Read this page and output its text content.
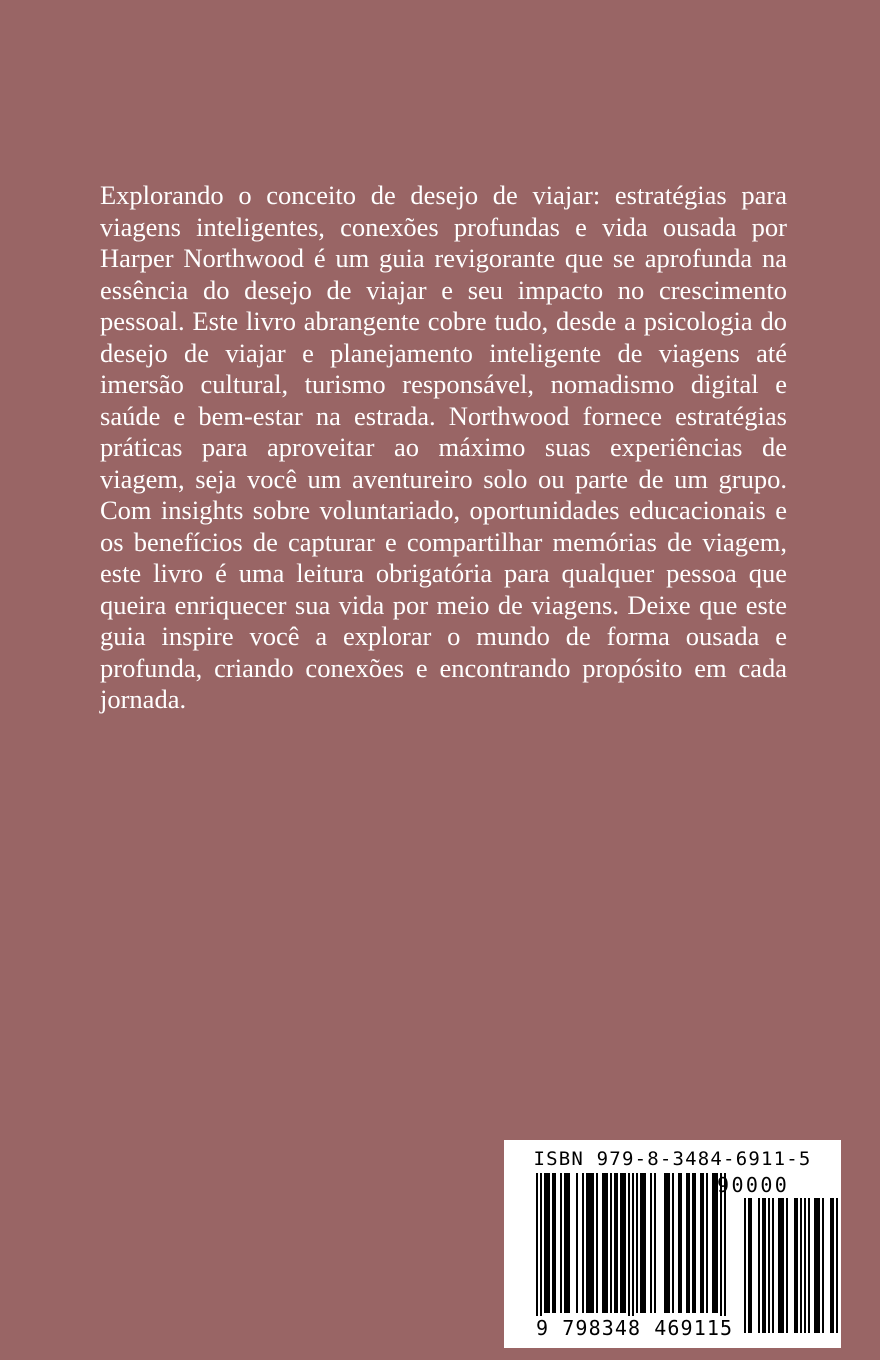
Explorando o conceito de desejo de viajar: estratégias para viagens inteligentes, conexões profundas e vida ousada por Harper Northwood é um guia revigorante que se aprofunda na essência do desejo de viajar e seu impacto no crescimento pessoal. Este livro abrangente cobre tudo, desde a psicologia do desejo de viajar e planejamento inteligente de viagens até imersão cultural, turismo responsável, nomadismo digital e saúde e bem-estar na estrada. Northwood fornece estratégias práticas para aproveitar ao máximo suas experiências de viagem, seja você um aventureiro solo ou parte de um grupo. Com insights sobre voluntariado, oportunidades educacionais e os benefícios de capturar e compartilhar memórias de viagem, este livro é uma leitura obrigatória para qualquer pessoa que queira enriquecer sua vida por meio de viagens. Deixe que este guia inspire você a explorar o mundo de forma ousada e profunda, criando conexões e encontrando propósito em cada jornada.

ISBN 979-8-3484-6911-5
90000
9 798348 469115
